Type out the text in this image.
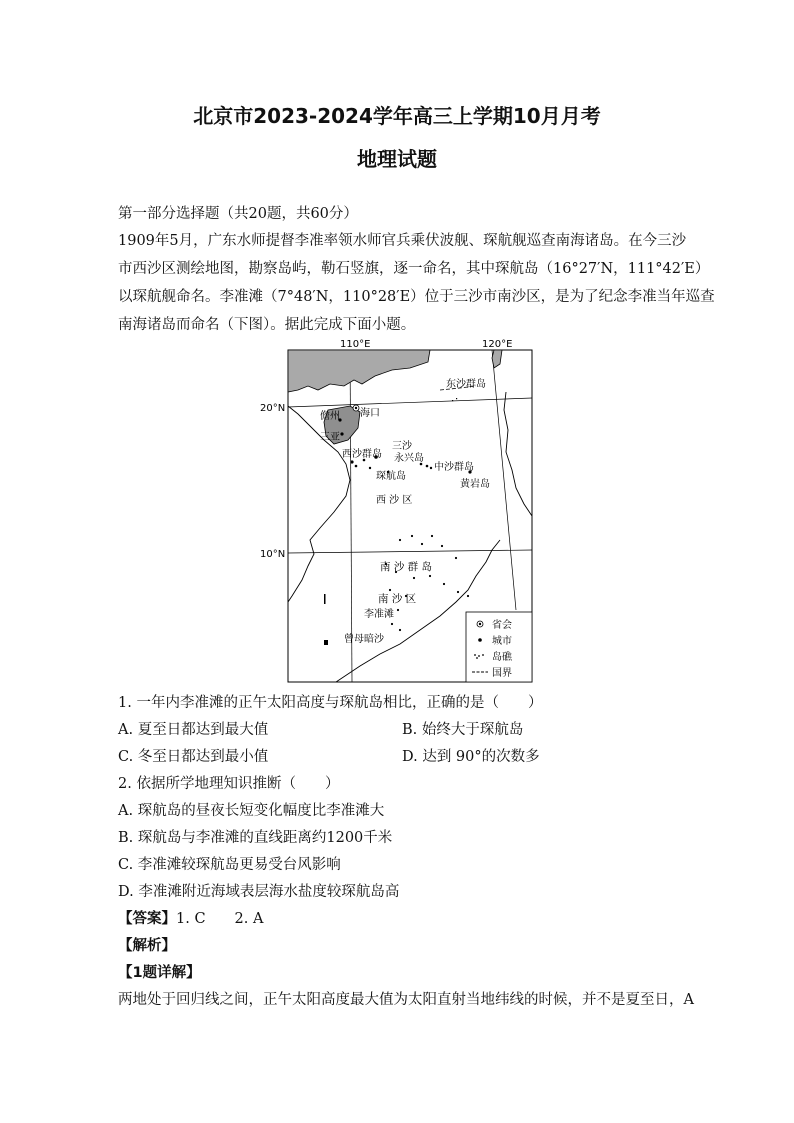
北京市2023-2024学年高三上学期10月月考
地理试题
第一部分选择题（共20题，共60分）
1909年5月，广东水师提督李准率领水师官兵乘伏波舰、琛航舰巡查南海诸岛。在今三沙
市西沙区测绘地图，勘察岛屿，勒石竖旗，逐一命名，其中琛航岛（16°27′N，111°42′E）
以琛航舰命名。李准滩（7°48′N，110°28′E）位于三沙市南沙区，是为了纪念李准当年巡查
南海诸岛而命名（下图）。据此完成下面小题。
110°E	120°E
20°N
10°N
东沙群岛
儋州 海口
三亚
三沙
永兴岛
西沙群岛
中沙群岛
琛航岛
黄岩岛
西 沙 区
南 沙 群 岛
南 沙 区
李准滩
曾母暗沙
省会
城市
岛礁
国界
1. 一年内李准滩的正午太阳高度与琛航岛相比，正确的是（　　）
A. 夏至日都达到最大值	B. 始终大于琛航岛
C. 冬至日都达到最小值	D. 达到 90°的次数多
2. 依据所学地理知识推断（　　）
A. 琛航岛的昼夜长短变化幅度比李准滩大
B. 琛航岛与李准滩的直线距离约1200千米
C. 李准滩较琛航岛更易受台风影响
D. 李准滩附近海域表层海水盐度较琛航岛高
【答案】1. C　　2. A
【解析】
【1题详解】
两地处于回归线之间，正午太阳高度最大值为太阳直射当地纬线的时候，并不是夏至日，A
